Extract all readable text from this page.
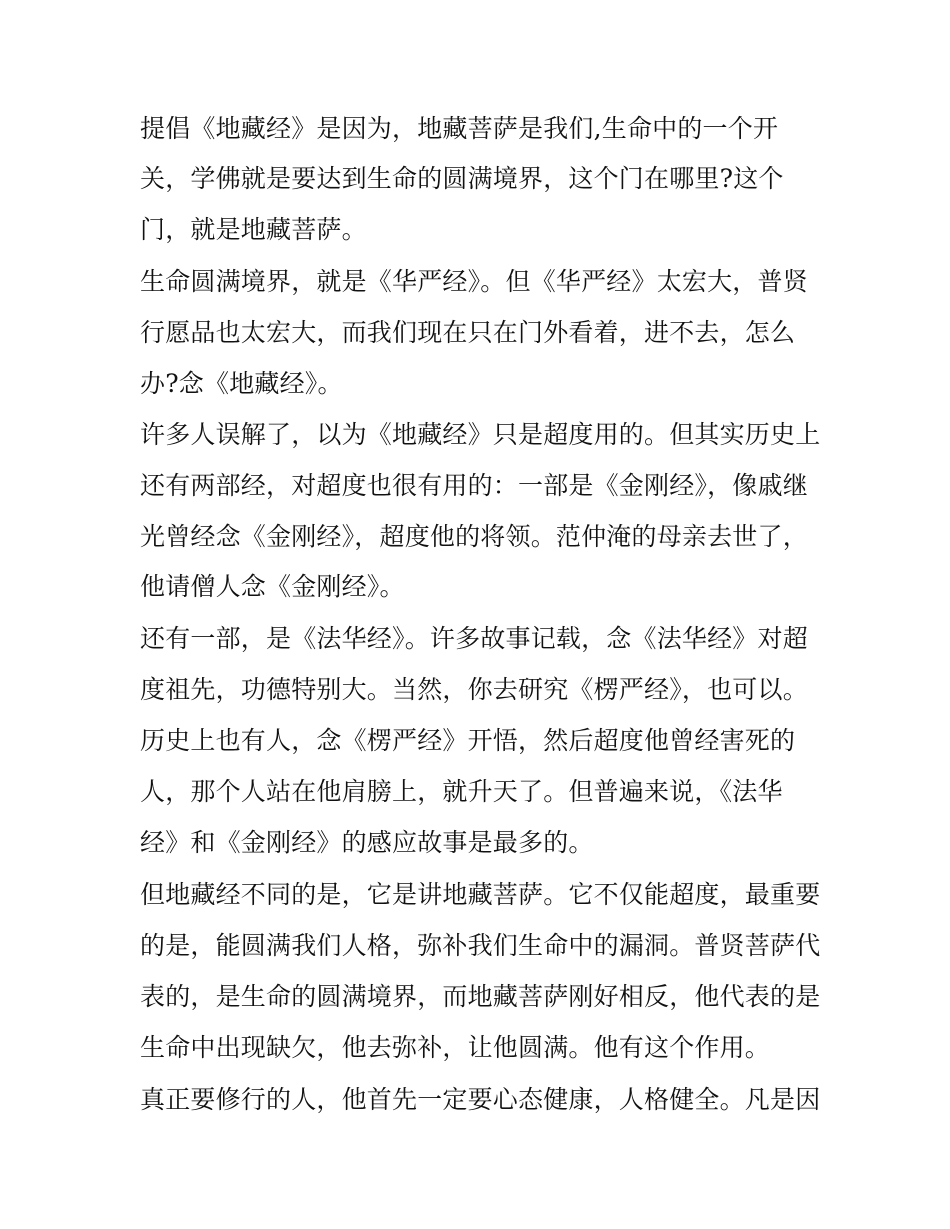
提倡《地藏经》是因为，地藏菩萨是我们,生命中的一个开
关，学佛就是要达到生命的圆满境界，这个门在哪里?这个
门，就是地藏菩萨。
生命圆满境界，就是《华严经》。但《华严经》太宏大，普贤
行愿品也太宏大，而我们现在只在门外看着，进不去，怎么
办?念《地藏经》。
许多人误解了，以为《地藏经》只是超度用的。但其实历史上
还有两部经，对超度也很有用的：一部是《金刚经》，像戚继
光曾经念《金刚经》，超度他的将领。范仲淹的母亲去世了，
他请僧人念《金刚经》。
还有一部，是《法华经》。许多故事记载，念《法华经》对超
度祖先，功德特别大。当然，你去研究《楞严经》，也可以。
历史上也有人，念《楞严经》开悟，然后超度他曾经害死的
人，那个人站在他肩膀上，就升天了。但普遍来说，《法华
经》和《金刚经》的感应故事是最多的。
但地藏经不同的是，它是讲地藏菩萨。它不仅能超度，最重要
的是，能圆满我们人格，弥补我们生命中的漏洞。普贤菩萨代
表的，是生命的圆满境界，而地藏菩萨刚好相反，他代表的是
生命中出现缺欠，他去弥补，让他圆满。他有这个作用。
真正要修行的人，他首先一定要心态健康，人格健全。凡是因
